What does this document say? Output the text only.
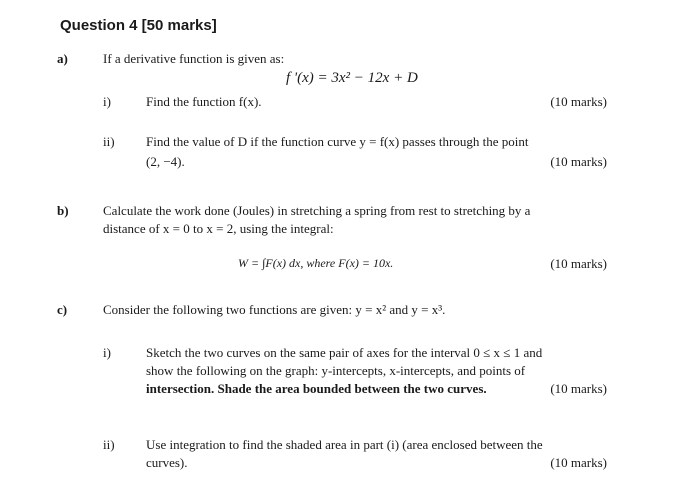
Question 4 [50 marks]
a)	If a derivative function is given as:
f '(x) = 3x² − 12x + D
i)	Find the function f(x).	(10 marks)
ii) Find the value of D if the function curve y = f(x) passes through the point
(2, −4).	(10 marks)
b)	Calculate the work done (Joules) in stretching a spring from rest to stretching by a
distance of x = 0 to x = 2, using the integral:
W = ∫F(x) dx, where F(x) = 10x.	(10 marks)
c)	Consider the following two functions are given: y = x² and y = x³.
i)	Sketch the two curves on the same pair of axes for the interval 0 ≤ x ≤ 1 and
show the following on the graph: y-intercepts, x-intercepts, and points of
intersection. Shade the area bounded between the two curves.	(10 marks)
ii) Use integration to find the shaded area in part (i) (area enclosed between the
curves).	(10 marks)
